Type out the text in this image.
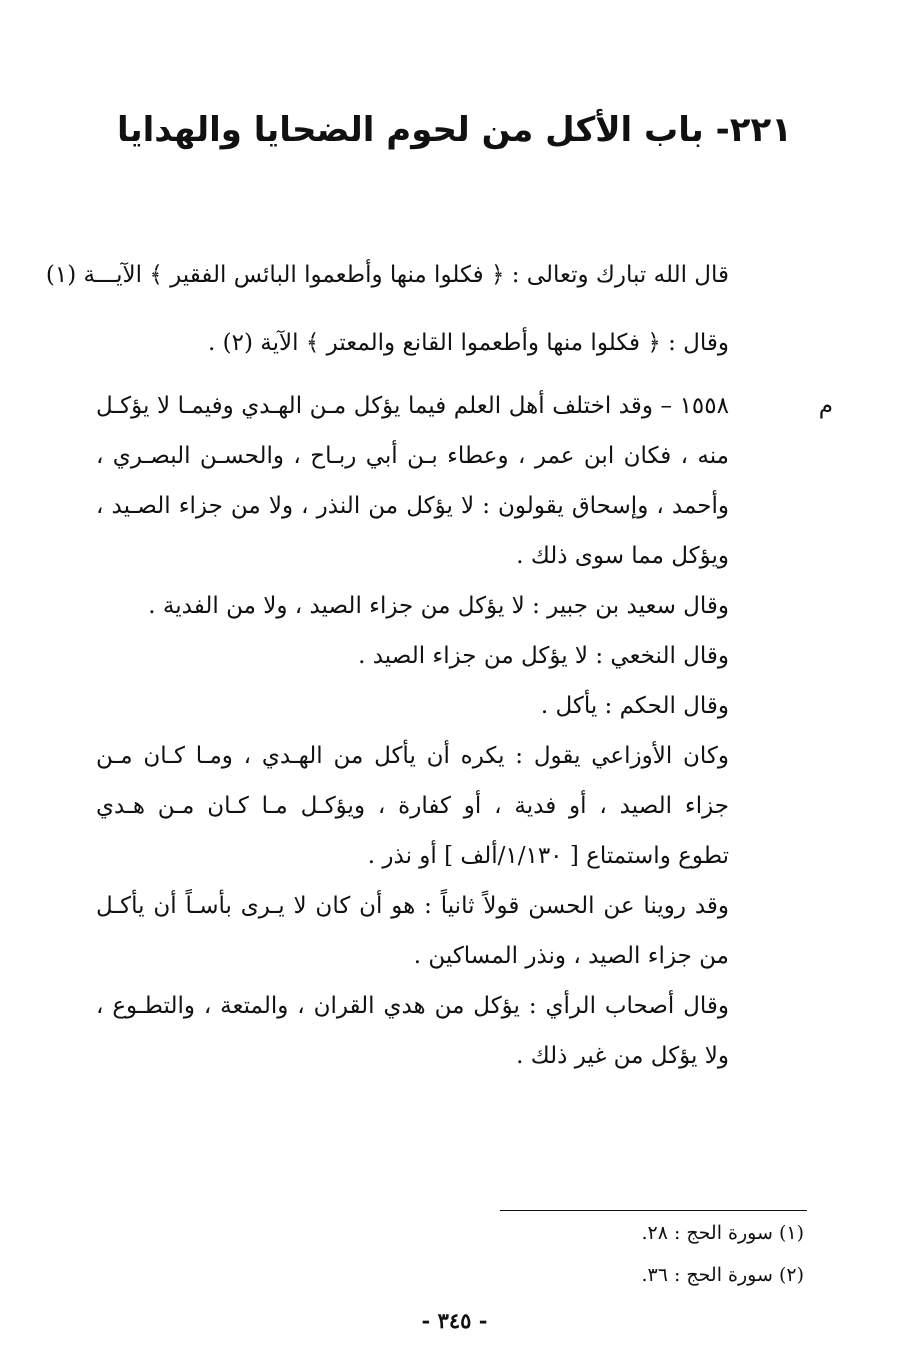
٢٢١- باب الأكل من لحوم الضحايا والهدايا

قال الله تبارك وتعالى : ﴿ فكلوا منها وأطعموا البائس الفقير ﴾ الآيـــة (١)

وقال : ﴿ فكلوا منها وأطعموا القانع والمعتر ﴾ الآية (٢) .

م

١٥٥٨ – وقد اختلف أهل العلم فيما يؤكل مـن الهـدي وفيمـا لا يؤكـل

منه ، فكان ابن عمر ، وعطاء بـن أبي ربـاح ، والحسـن البصـري ،

وأحمد ، وإسحاق يقولون : لا يؤكل من النذر ، ولا من جزاء الصـيد ،

ويؤكل مما سوى ذلك .

وقال سعيد بن جبير : لا يؤكل من جزاء الصيد ، ولا من الفدية .

وقال النخعي : لا يؤكل من جزاء الصيد .

وقال الحكم : يأكل .

وكان الأوزاعي يقول : يكره أن يأكل من الهـدي ، ومـا كـان مـن

جزاء الصيد ، أو فدية ، أو كفارة ، ويؤكـل مـا كـان مـن هـدي

تطوع واستمتاع [ ١/١٣٠/ألف ] أو نذر .

وقد روينا عن الحسن قولاً ثانياً : هو أن كان لا يـرى بأسـاً أن يأكـل

من جزاء الصيد ، ونذر المساكين .

وقال أصحاب الرأي : يؤكل من هدي القران ، والمتعة ، والتطـوع ،

ولا يؤكل من غير ذلك .

(١) سورة الحج : ٢٨.

(٢) سورة الحج : ٣٦.

- ٣٤٥ -
